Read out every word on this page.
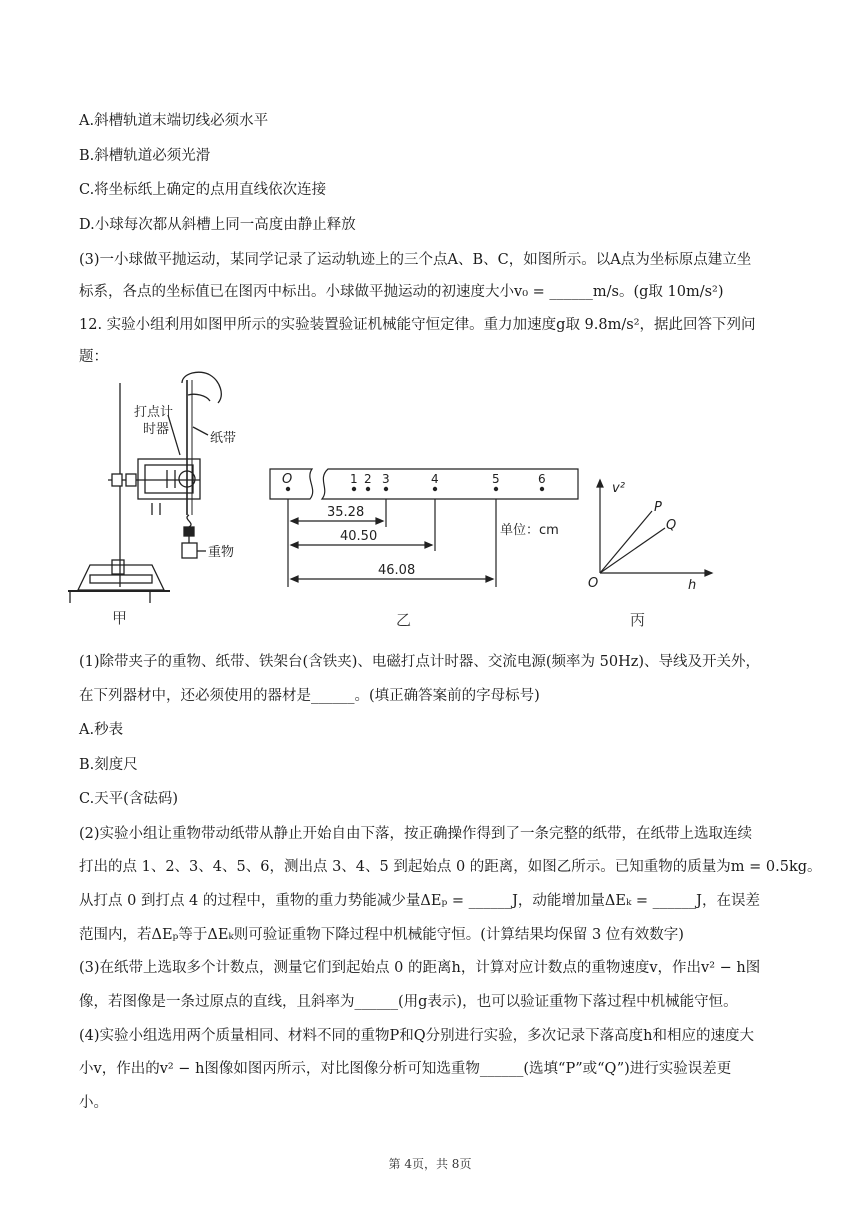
A.斜槽轨道末端切线必须水平
B.斜槽轨道必须光滑
C.将坐标纸上确定的点用直线依次连接
D.小球每次都从斜槽上同一高度由静止释放
(3)一小球做平抛运动，某同学记录了运动轨迹上的三个点A、B、C，如图所示。以A点为坐标原点建立坐
标系，各点的坐标值已在图丙中标出。小球做平抛运动的初速度大小v₀ = ______m/s。(g取 10m/s²)
12. 实验小组利用如图甲所示的实验装置验证机械能守恒定律。重力加速度g取 9.8m/s²，据此回答下列问
题：
打点计
时器
纸带
重物
甲
O	1 2 3	4	5	6
35.28
40.50
46.08
单位：cm
乙
v²
h
O
P
Q
丙
(1)除带夹子的重物、纸带、铁架台(含铁夹)、电磁打点计时器、交流电源(频率为 50Hz)、导线及开关外，
在下列器材中，还必须使用的器材是______。(填正确答案前的字母标号)
A.秒表
B.刻度尺
C.天平(含砝码)
(2)实验小组让重物带动纸带从静止开始自由下落，按正确操作得到了一条完整的纸带，在纸带上选取连续
打出的点 1、2、3、4、5、6，测出点 3、4、5 到起始点 0 的距离，如图乙所示。已知重物的质量为m = 0.5kg。
从打点 0 到打点 4 的过程中，重物的重力势能减少量ΔEₚ = ______J，动能增加量ΔEₖ = ______J，在误差
范围内，若ΔEₚ等于ΔEₖ则可验证重物下降过程中机械能守恒。(计算结果均保留 3 位有效数字)
(3)在纸带上选取多个计数点，测量它们到起始点 0 的距离h，计算对应计数点的重物速度v，作出v² − h图
像，若图像是一条过原点的直线，且斜率为______(用g表示)，也可以验证重物下落过程中机械能守恒。
(4)实验小组选用两个质量相同、材料不同的重物P和Q分别进行实验，多次记录下落高度h和相应的速度大
小v，作出的v² − h图像如图丙所示，对比图像分析可知选重物______(选填“P”或“Q”)进行实验误差更
小。
第 4页，共 8页
